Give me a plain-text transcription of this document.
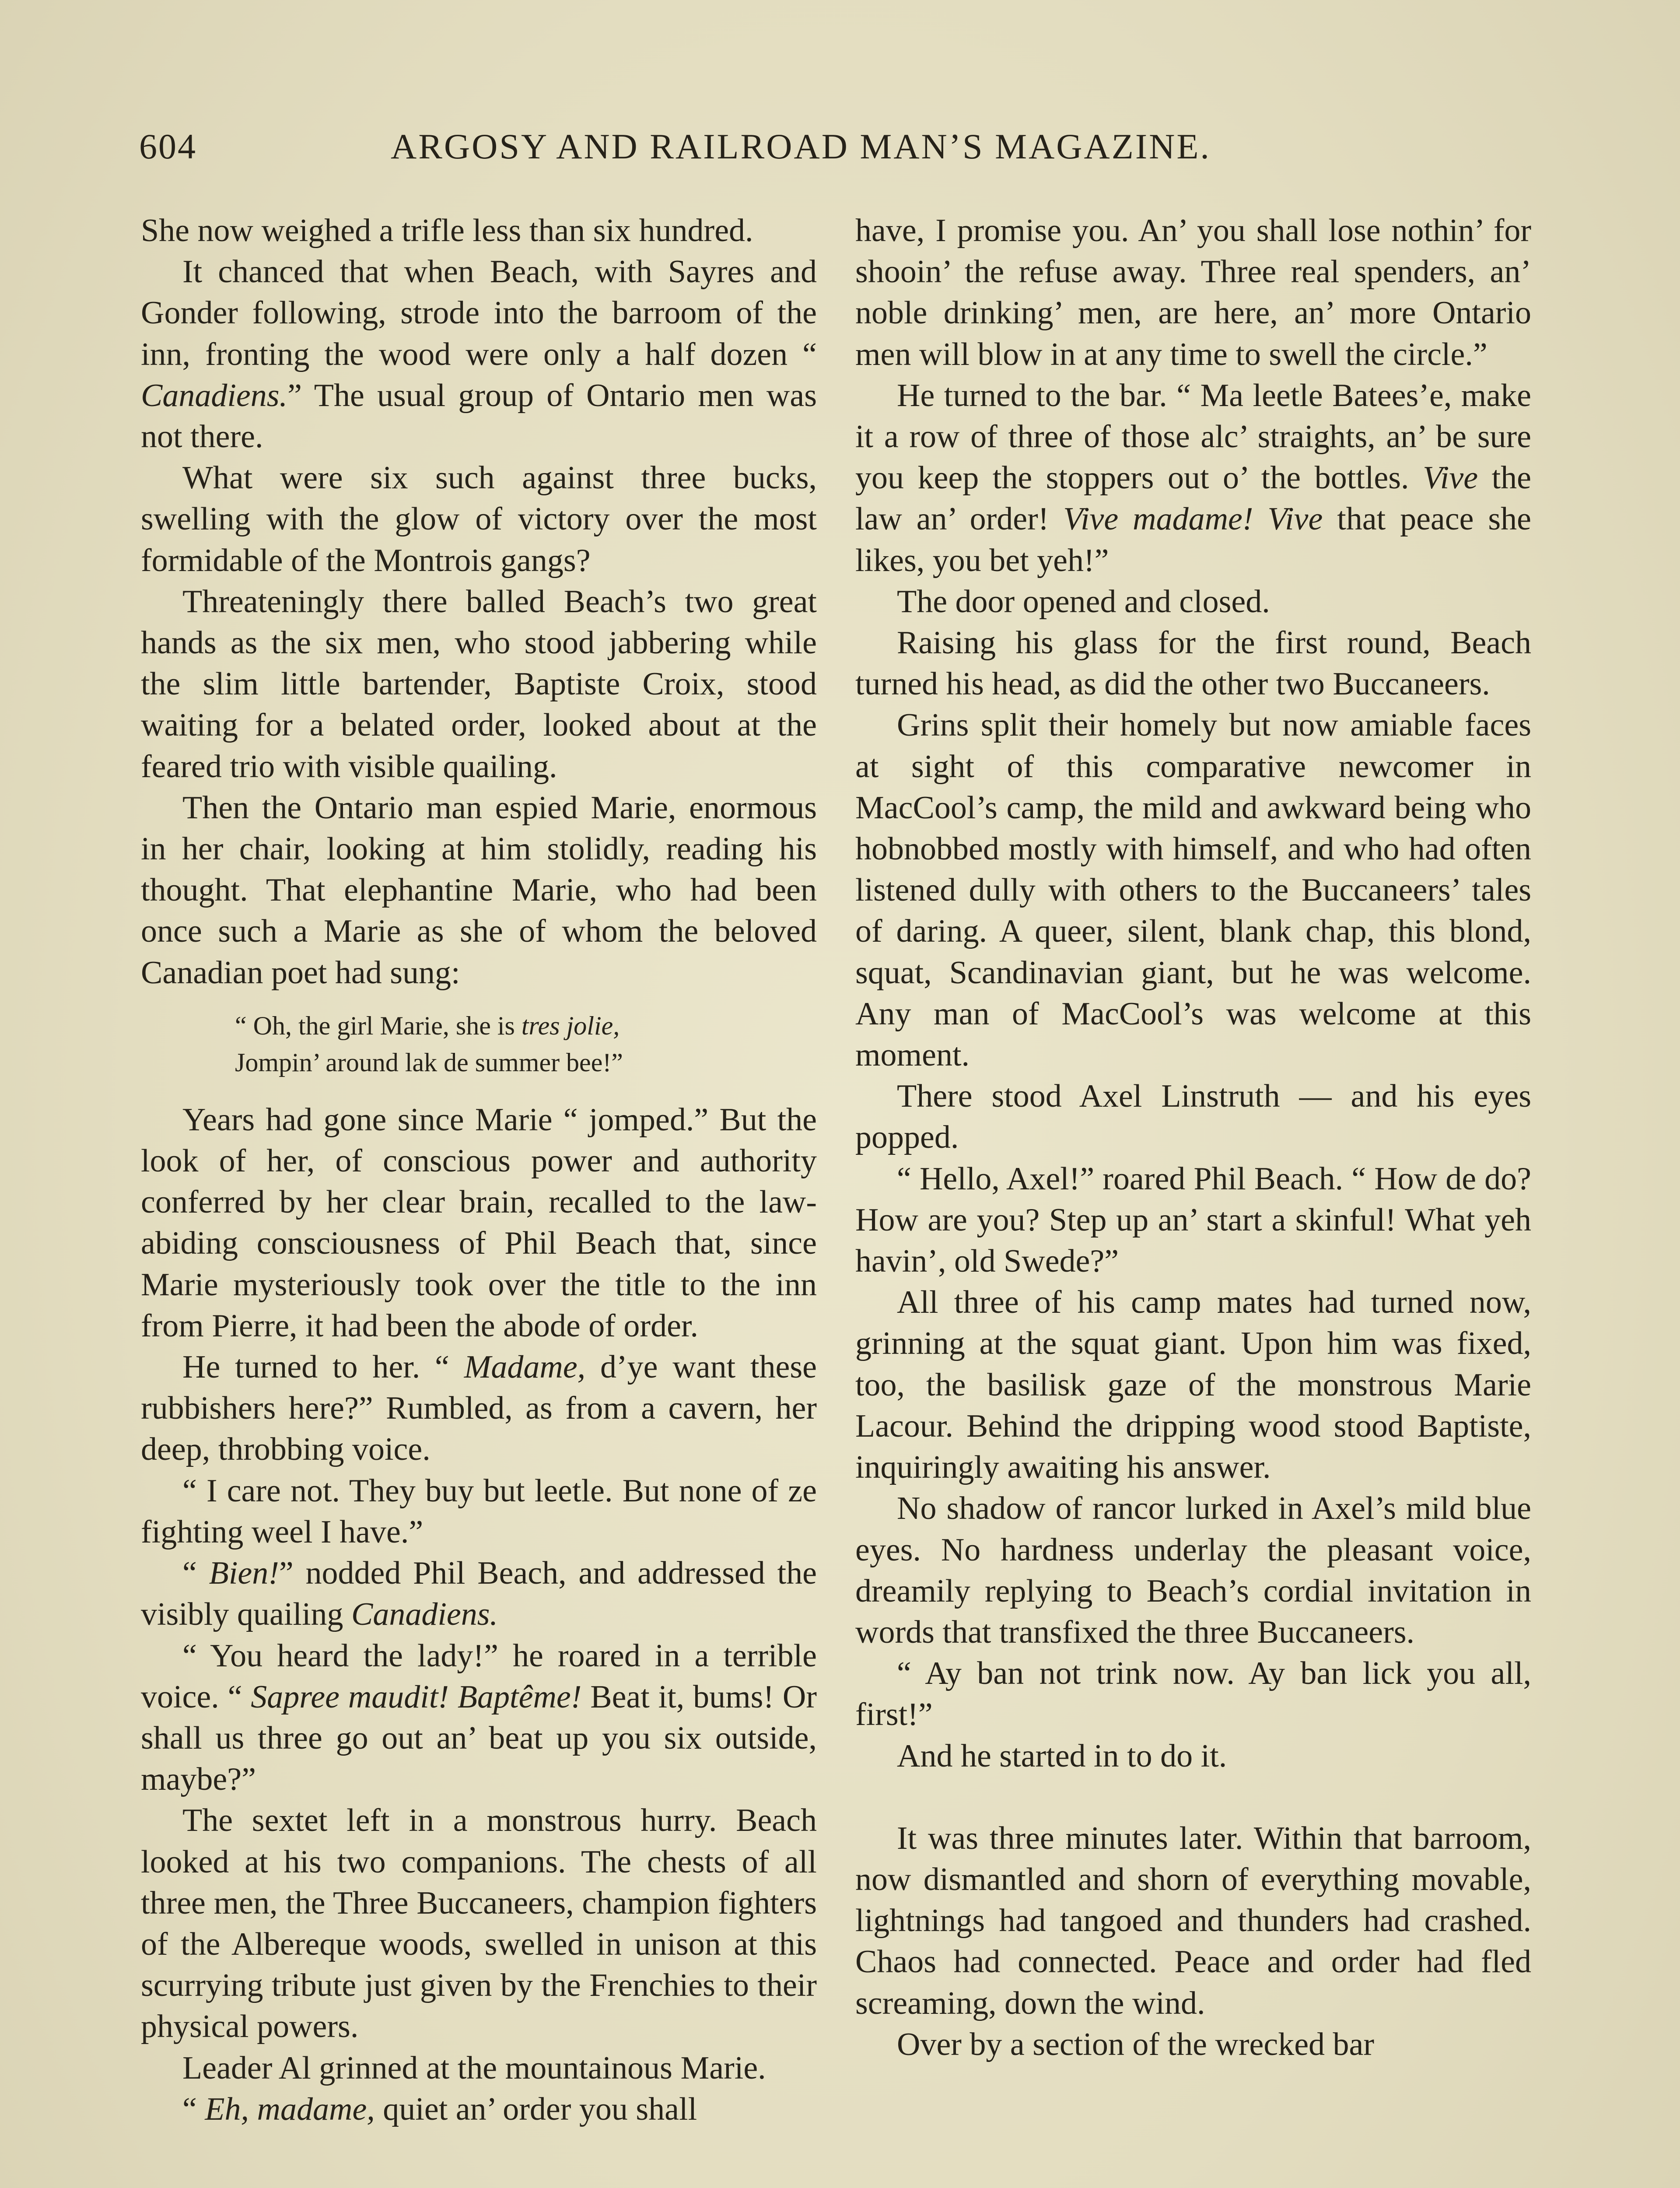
604	ARGOSY AND RAILROAD MAN’S MAGAZINE.

She now weighed a trifle less than six hundred.

It chanced that when Beach, with Sayres and Gonder following, strode into the barroom of the inn, fronting the wood were only a half dozen “ Canadiens.” The usual group of Ontario men was not there.

What were six such against three bucks, swelling with the glow of victory over the most formidable of the Montrois gangs?

Threateningly there balled Beach’s two great hands as the six men, who stood jabbering while the slim little bartender, Baptiste Croix, stood waiting for a belated order, looked about at the feared trio with visible quailing.

Then the Ontario man espied Marie, enormous in her chair, looking at him stolidly, reading his thought. That elephantine Marie, who had been once such a Marie as she of whom the beloved Canadian poet had sung:

“ Oh, the girl Marie, she is tres jolie,
Jompin’ around lak de summer bee!”

Years had gone since Marie “ jomped.” But the look of her, of conscious power and authority conferred by her clear brain, recalled to the law-abiding consciousness of Phil Beach that, since Marie mysteriously took over the title to the inn from Pierre, it had been the abode of order.

He turned to her. “ Madame, d’ye want these rubbishers here?” Rumbled, as from a cavern, her deep, throbbing voice.

“ I care not. They buy but leetle. But none of ze fighting weel I have.”

“ Bien!” nodded Phil Beach, and addressed the visibly quailing Canadiens.

“ You heard the lady!” he roared in a terrible voice. “ Sapree maudit! Baptême! Beat it, bums! Or shall us three go out an’ beat up you six outside, maybe?”

The sextet left in a monstrous hurry. Beach looked at his two companions. The chests of all three men, the Three Buccaneers, champion fighters of the Albereque woods, swelled in unison at this scurrying tribute just given by the Frenchies to their physical powers.

Leader Al grinned at the mountainous Marie.

“ Eh, madame, quiet an’ order you shall

have, I promise you. An’ you shall lose nothin’ for shooin’ the refuse away. Three real spenders, an’ noble drinking’ men, are here, an’ more Ontario men will blow in at any time to swell the circle.”

He turned to the bar. “ Ma leetle Batees’e, make it a row of three of those alc’ straights, an’ be sure you keep the stoppers out o’ the bottles. Vive the law an’ order! Vive madame! Vive that peace she likes, you bet yeh!”

The door opened and closed.

Raising his glass for the first round, Beach turned his head, as did the other two Buccaneers.

Grins split their homely but now amiable faces at sight of this comparative newcomer in MacCool’s camp, the mild and awkward being who hobnobbed mostly with himself, and who had often listened dully with others to the Buccaneers’ tales of daring. A queer, silent, blank chap, this blond, squat, Scandinavian giant, but he was welcome. Any man of MacCool’s was welcome at this moment.

There stood Axel Linstruth — and his eyes popped.

“ Hello, Axel!” roared Phil Beach. “ How de do? How are you? Step up an’ start a skinful! What yeh havin’, old Swede?”

All three of his camp mates had turned now, grinning at the squat giant. Upon him was fixed, too, the basilisk gaze of the monstrous Marie Lacour. Behind the dripping wood stood Baptiste, inquiringly awaiting his answer.

No shadow of rancor lurked in Axel’s mild blue eyes. No hardness underlay the pleasant voice, dreamily replying to Beach’s cordial invitation in words that transfixed the three Buccaneers.

“ Ay ban not trink now. Ay ban lick you all, first!”

And he started in to do it.

It was three minutes later. Within that barroom, now dismantled and shorn of everything movable, lightnings had tangoed and thunders had crashed. Chaos had connected. Peace and order had fled screaming, down the wind.

Over by a section of the wrecked bar
